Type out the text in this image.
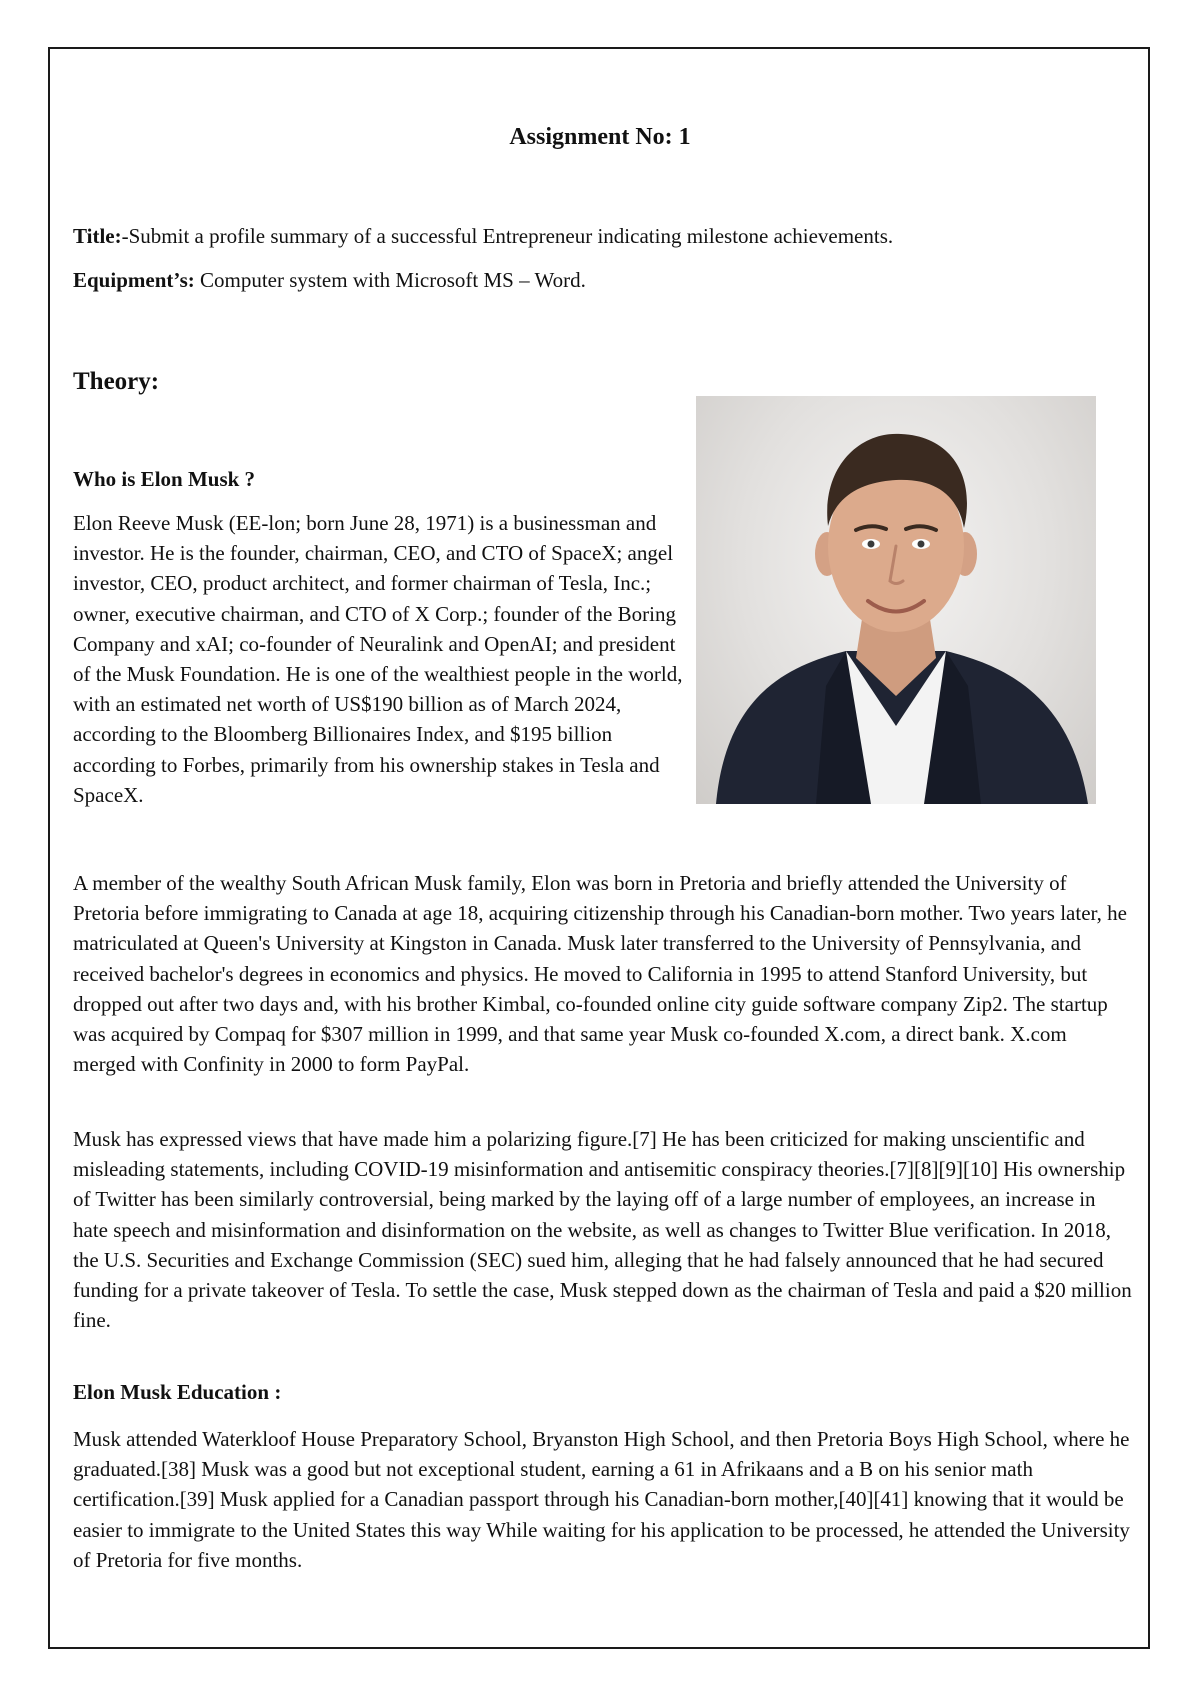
Assignment No: 1
Title:-Submit a profile summary of a successful Entrepreneur indicating milestone achievements.
Equipment’s: Computer system with Microsoft MS – Word.
Theory:
Who is Elon Musk ?
Elon Reeve Musk (EE-lon; born June 28, 1971) is a businessman and investor. He is the founder, chairman, CEO, and CTO of SpaceX; angel investor, CEO, product architect, and former chairman of Tesla, Inc.; owner, executive chairman, and CTO of X Corp.; founder of the Boring Company and xAI; co-founder of Neuralink and OpenAI; and president of the Musk Foundation. He is one of the wealthiest people in the world, with an estimated net worth of US$190 billion as of March 2024, according to the Bloomberg Billionaires Index, and $195 billion according to Forbes, primarily from his ownership stakes in Tesla and SpaceX.
A member of the wealthy South African Musk family, Elon was born in Pretoria and briefly attended the University of Pretoria before immigrating to Canada at age 18, acquiring citizenship through his Canadian-born mother. Two years later, he matriculated at Queen's University at Kingston in Canada. Musk later transferred to the University of Pennsylvania, and received bachelor's degrees in economics and physics. He moved to California in 1995 to attend Stanford University, but dropped out after two days and, with his brother Kimbal, co-founded online city guide software company Zip2. The startup was acquired by Compaq for $307 million in 1999, and that same year Musk co-founded X.com, a direct bank. X.com merged with Confinity in 2000 to form PayPal.
Musk has expressed views that have made him a polarizing figure.[7] He has been criticized for making unscientific and misleading statements, including COVID-19 misinformation and antisemitic conspiracy theories.[7][8][9][10] His ownership of Twitter has been similarly controversial, being marked by the laying off of a large number of employees, an increase in hate speech and misinformation and disinformation on the website, as well as changes to Twitter Blue verification. In 2018, the U.S. Securities and Exchange Commission (SEC) sued him, alleging that he had falsely announced that he had secured funding for a private takeover of Tesla. To settle the case, Musk stepped down as the chairman of Tesla and paid a $20 million fine.
Elon Musk Education :
Musk attended Waterkloof House Preparatory School, Bryanston High School, and then Pretoria Boys High School, where he graduated.[38] Musk was a good but not exceptional student, earning a 61 in Afrikaans and a B on his senior math certification.[39] Musk applied for a Canadian passport through his Canadian-born mother,[40][41] knowing that it would be easier to immigrate to the United States this way While waiting for his application to be processed, he attended the University of Pretoria for five months.
